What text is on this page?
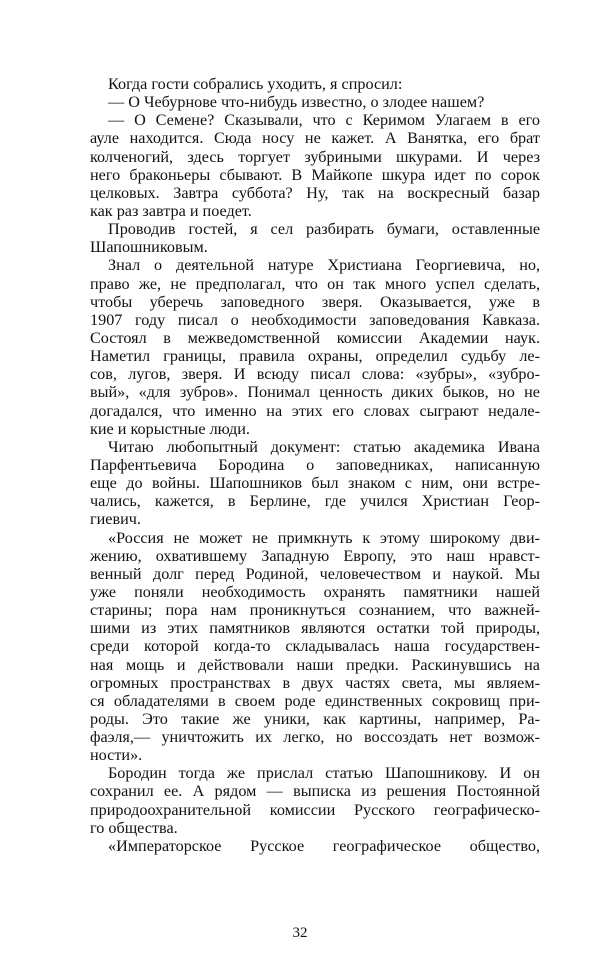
Когда гости собрались уходить, я спросил:
— О Чебурнове что-нибудь известно, о злодее нашем?
— О Семене? Сказывали, что с Керимом Улагаем в его
ауле находится. Сюда носу не кажет. А Ванятка, его брат
колченогий, здесь торгует зубриными шкурами. И через
него браконьеры сбывают. В Майкопе шкура идет по сорок
целковых. Завтра суббота? Ну, так на воскресный базар
как раз завтра и поедет.
Проводив гостей, я сел разбирать бумаги, оставленные
Шапошниковым.
Знал о деятельной натуре Христиана Георгиевича, но,
право же, не предполагал, что он так много успел сделать,
чтобы уберечь заповедного зверя. Оказывается, уже в
1907 году писал о необходимости заповедования Кавказа.
Состоял в межведомственной комиссии Академии наук.
Наметил границы, правила охраны, определил судьбу ле-
сов, лугов, зверя. И всюду писал слова: «зубры», «зубро-
вый», «для зубров». Понимал ценность диких быков, но не
догадался, что именно на этих его словах сыграют недале-
кие и корыстные люди.
Читаю любопытный документ: статью академика Ивана
Парфентьевича Бородина о заповедниках, написанную
еще до войны. Шапошников был знаком с ним, они встре-
чались, кажется, в Берлине, где учился Христиан Геор-
гиевич.
«Россия не может не примкнуть к этому широкому дви-
жению, охватившему Западную Европу, это наш нравст-
венный долг перед Родиной, человечеством и наукой. Мы
уже поняли необходимость охранять памятники нашей
старины; пора нам проникнуться сознанием, что важней-
шими из этих памятников являются остатки той природы,
среди которой когда-то складывалась наша государствен-
ная мощь и действовали наши предки. Раскинувшись на
огромных пространствах в двух частях света, мы являем-
ся обладателями в своем роде единственных сокровищ при-
роды. Это такие же уники, как картины, например, Ра-
фаэля,— уничтожить их легко, но воссоздать нет возмож-
ности».
Бородин тогда же прислал статью Шапошникову. И он
сохранил ее. А рядом — выписка из решения Постоянной
природоохранительной комиссии Русского географическо-
го общества.
«Императорское Русское географическое общество,
32
